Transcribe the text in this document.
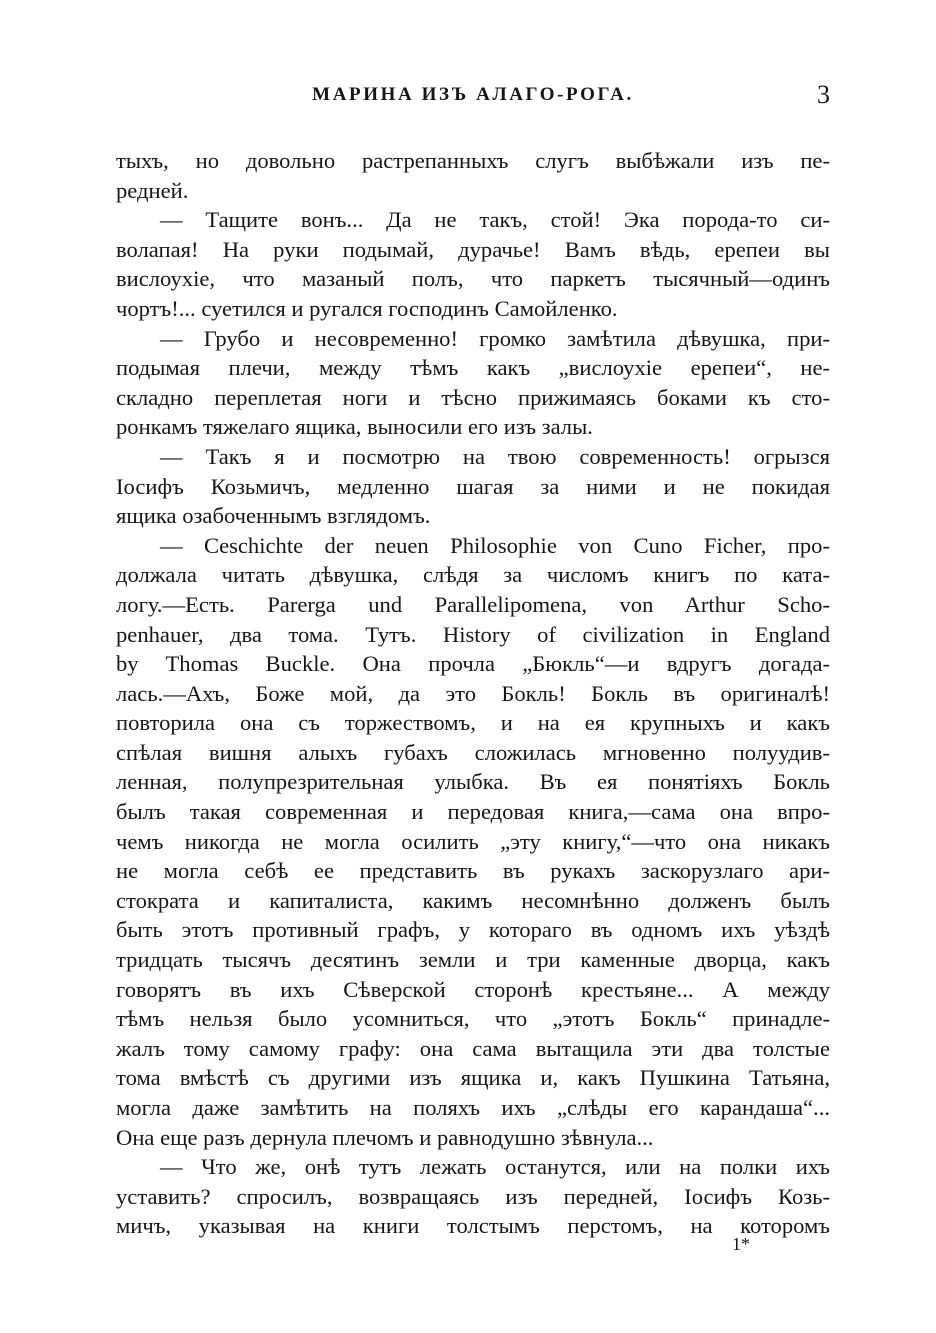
МАРИНА ИЗЪ АЛАГО-РОГА.	3
тыхъ, но довольно растрепанныхъ слугъ выбѣжали изъ пе-
редней.
— Тащите вонъ... Да не такъ, стой! Эка порода-то си-
волапая! На руки подымай, дурачье! Вамъ вѣдь, ерепеи вы
вислоухіе, что мазаный полъ, что паркетъ тысячный—одинъ
чортъ!... суетился и ругался господинъ Самойленко.
— Грубо и несовременно! громко замѣтила дѣвушка, при-
подымая плечи, между тѣмъ какъ „вислоухіе ерепеи“, не-
складно переплетая ноги и тѣсно прижимаясь боками къ сто-
ронкамъ тяжелаго ящика, выносили его изъ залы.
— Такъ я и посмотрю на твою современность! огрызся
Іосифъ Козьмичъ, медленно шагая за ними и не покидая
ящика озабоченнымъ взглядомъ.
— Ceschichte der neuen Philosophie von Cuno Ficher, про-
должала читать дѣвушка, слѣдя за числомъ книгъ по ката-
логу.—Есть. Parerga und Parallelipomena, von Arthur Scho-
penhauer, два тома. Тутъ. History of civilization in England
by Thomas Buckle. Она прочла „Бюкль“—и вдругъ догада-
лась.—Ахъ, Боже мой, да это Бокль! Бокль въ оригиналѣ!
повторила она съ торжествомъ, и на ея крупныхъ и какъ
спѣлая вишня алыхъ губахъ сложилась мгновенно полуудив-
ленная, полупрезрительная улыбка. Въ ея понятіяхъ Бокль
былъ такая современная и передовая книга,—сама она впро-
чемъ никогда не могла осилить „эту книгу,“—что она никакъ
не могла себѣ ее представить въ рукахъ заскорузлаго ари-
стократа и капиталиста, какимъ несомнѣнно долженъ былъ
быть этотъ противный графъ, у котораго въ одномъ ихъ уѣздѣ
тридцать тысячъ десятинъ земли и три каменные дворца, какъ
говорятъ въ ихъ Сѣверской сторонѣ крестьяне... А между
тѣмъ нельзя было усомниться, что „этотъ Бокль“ принадле-
жалъ тому самому графу: она сама вытащила эти два толстые
тома вмѣстѣ съ другими изъ ящика и, какъ Пушкина Татьяна,
могла даже замѣтить на поляхъ ихъ „слѣды его карандаша“...
Она еще разъ дернула плечомъ и равнодушно зѣвнула...
— Что же, онѣ тутъ лежать останутся, или на полки ихъ
уставить? спросилъ, возвращаясь изъ передней, Іосифъ Козь-
мичъ, указывая на книги толстымъ перстомъ, на которомъ
1*
